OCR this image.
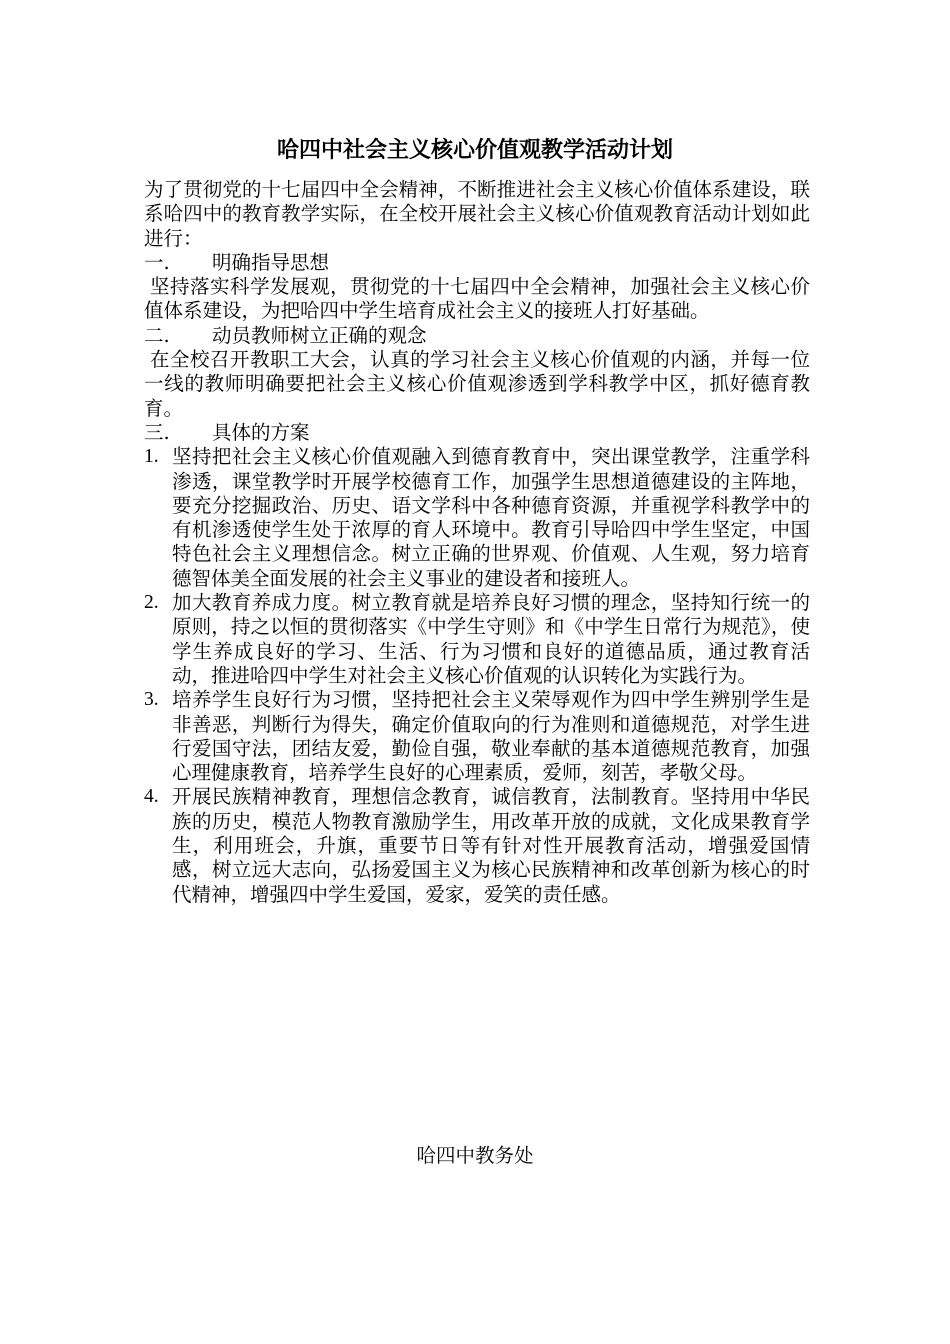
哈四中社会主义核心价值观教学活动计划

为了贯彻党的十七届四中全会精神，不断推进社会主义核心价值体系建设，联系哈四中的教育教学实际，在全校开展社会主义核心价值观教育活动计划如此进行：

一.	明确指导思想

坚持落实科学发展观，贯彻党的十七届四中全会精神，加强社会主义核心价值体系建设，为把哈四中学生培育成社会主义的接班人打好基础。

二.	动员教师树立正确的观念

在全校召开教职工大会，认真的学习社会主义核心价值观的内涵，并每一位一线的教师明确要把社会主义核心价值观渗透到学科教学中区，抓好德育教育。

三.	具体的方案
1. 坚持把社会主义核心价值观融入到德育教育中，突出课堂教学，注重学科渗透，课堂教学时开展学校德育工作，加强学生思想道德建设的主阵地，要充分挖掘政治、历史、语文学科中各种德育资源，并重视学科教学中的有机渗透使学生处于浓厚的育人环境中。教育引导哈四中学生坚定，中国特色社会主义理想信念。树立正确的世界观、价值观、人生观，努力培育德智体美全面发展的社会主义事业的建设者和接班人。
2. 加大教育养成力度。树立教育就是培养良好习惯的理念，坚持知行统一的原则，持之以恒的贯彻落实《中学生守则》和《中学生日常行为规范》，使学生养成良好的学习、生活、行为习惯和良好的道德品质，通过教育活动，推进哈四中学生对社会主义核心价值观的认识转化为实践行为。
3. 培养学生良好行为习惯，坚持把社会主义荣辱观作为四中学生辨别学生是非善恶，判断行为得失，确定价值取向的行为准则和道德规范，对学生进行爱国守法，团结友爱，勤俭自强，敬业奉献的基本道德规范教育，加强心理健康教育，培养学生良好的心理素质，爱师，刻苦，孝敬父母。
4. 开展民族精神教育，理想信念教育，诚信教育，法制教育。坚持用中华民族的历史，模范人物教育激励学生，用改革开放的成就，文化成果教育学生，利用班会，升旗，重要节日等有针对性开展教育活动，增强爱国情感，树立远大志向，弘扬爱国主义为核心民族精神和改革创新为核心的时代精神，增强四中学生爱国，爱家，爱笑的责任感。

哈四中教务处
